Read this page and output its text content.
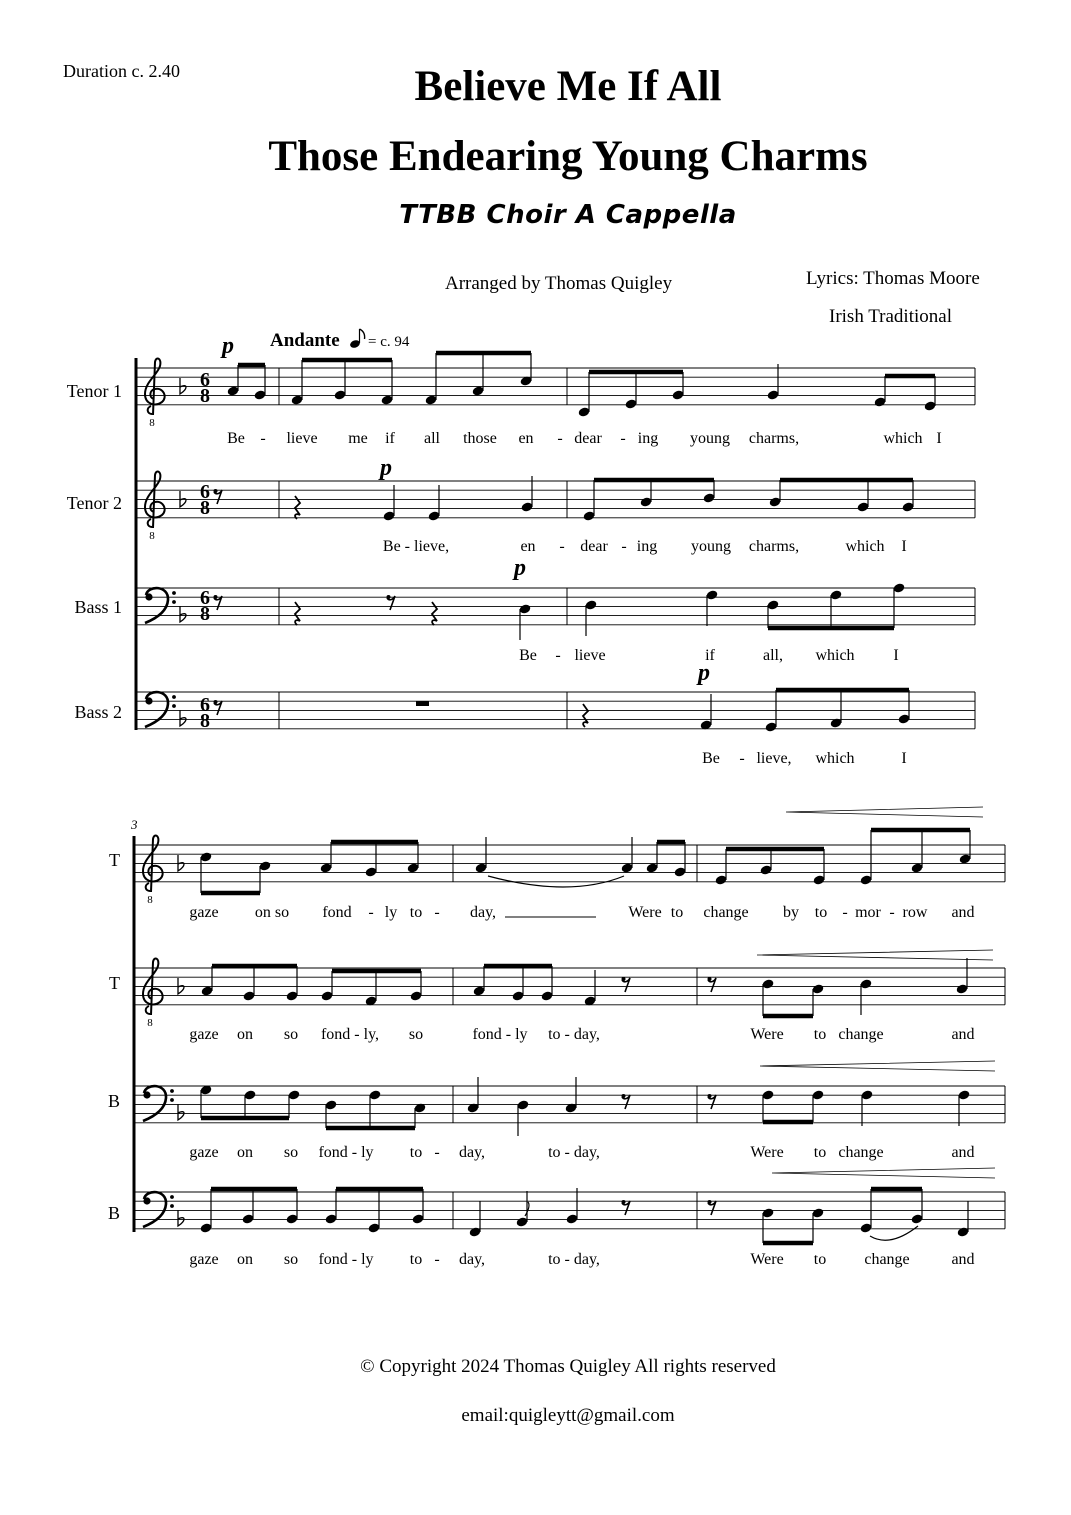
Duration c. 2.40	Believe Me If All
Those Endearing Young Charms
TTBB Choir A Cappella
Arranged by Thomas Quigley	Lyrics: Thomas Moore
Irish Traditional
8
8
8
8
Andante = c. 94
Tenor 1
Tenor 2
Bass 1
Bass 2
T
T
B
B
3
6
8
6
8
6
8
6
8
p
p
p
p
Be - lieve me if all those en - dear - ing young charms,	which I
Be - lieve,	en - dear - ing young charms,	which I
Be - lieve	if	all, which I
Be - lieve, which	I
gaze on so fond - ly to - day,	Were to change by to - mor - row and
gaze on so fond - ly, so	fond - ly to - day,	Were to change	and
gaze on so fond - ly to - day,	to - day,	Were to change	and
gaze on so fond - ly to - day,	to - day,	Were to change	and
© Copyright 2024 Thomas Quigley All rights reserved
email:quigleytt@gmail.com
